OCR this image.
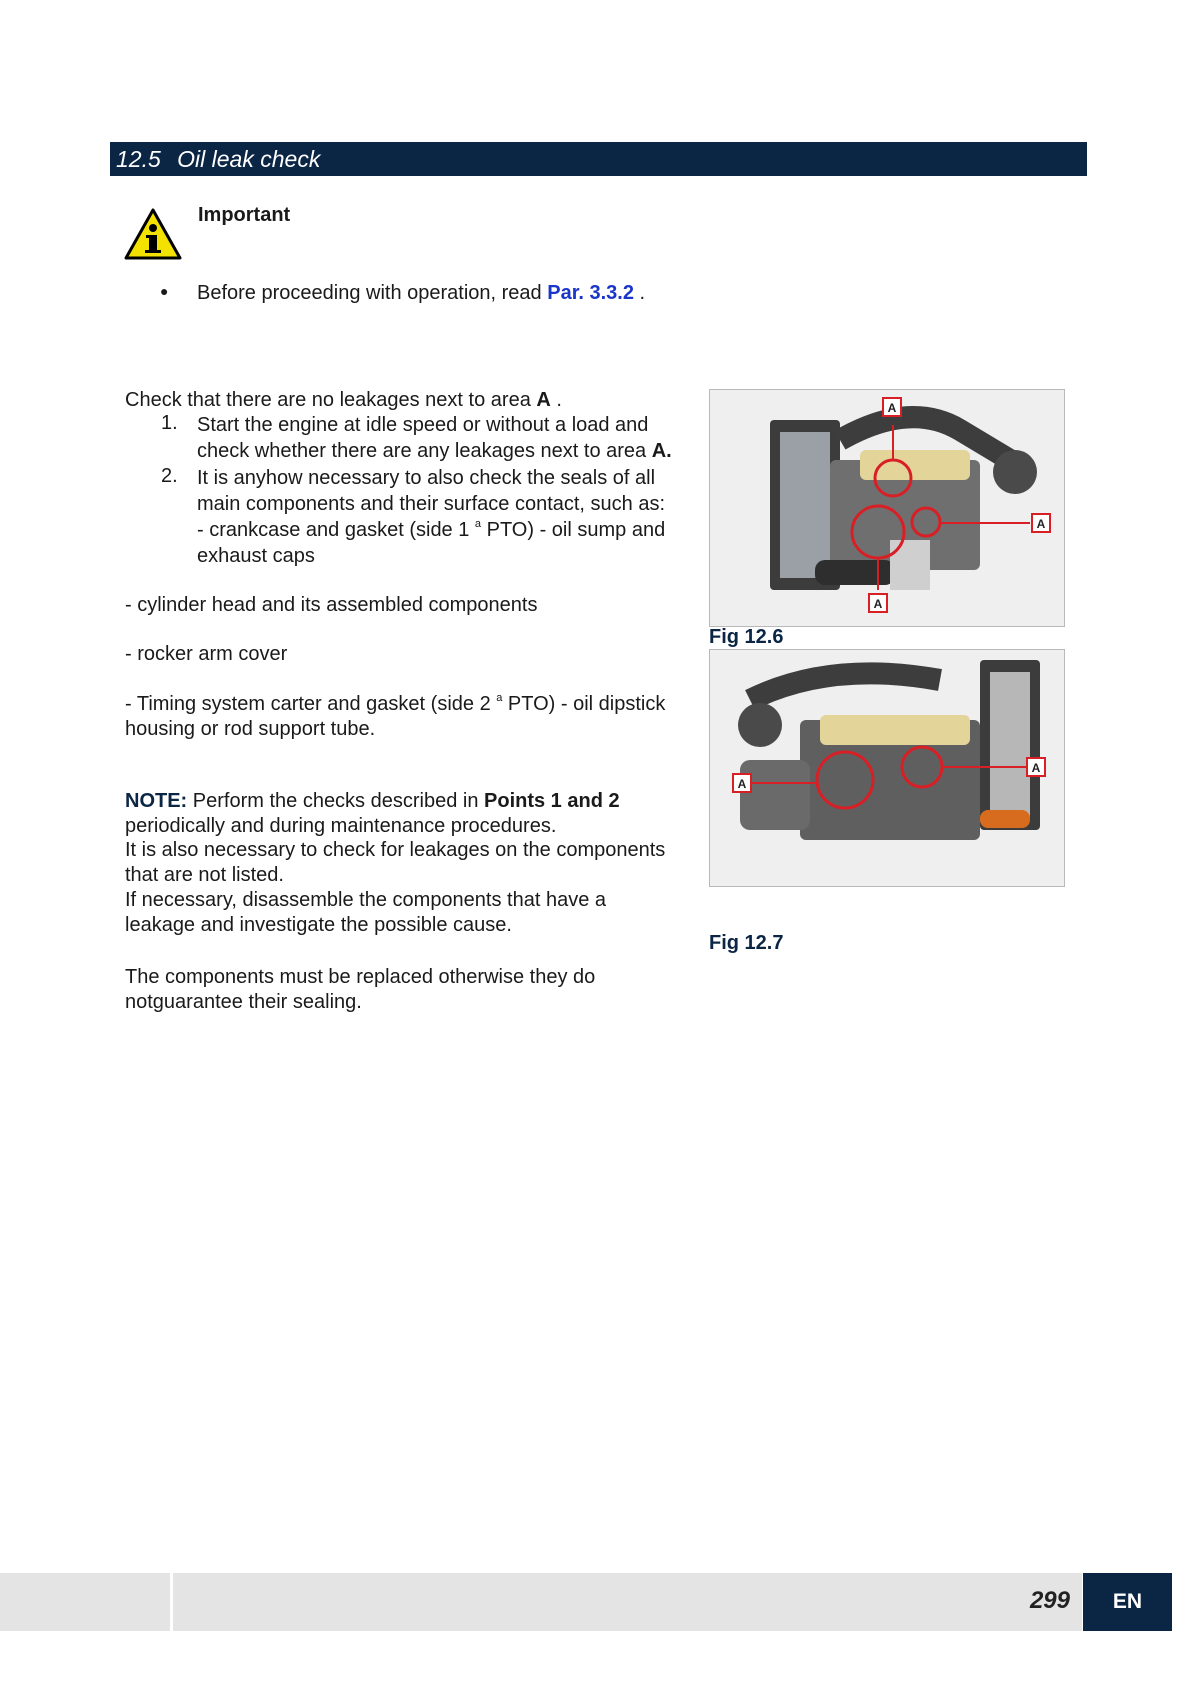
12.5 Oil leak check
Important
● Before proceeding with operation, read Par. 3.3.2 .
Check that there are no leakages next to area A .
1. Start the engine at idle speed or without a load and check whether there are any leakages next to area A.
2. It is anyhow necessary to also check the seals of all main components and their surface contact, such as:
- crankcase and gasket (side 1 $^a$ PTO) - oil sump and exhaust caps
- cylinder head and its assembled components
- rocker arm cover
- Timing system carter and gasket (side 2 $^a$ PTO) - oil dipstick housing or rod support tube.
NOTE: Perform the checks described in Points 1 and 2 periodically and during maintenance procedures.
It is also necessary to check for leakages on the components that are not listed.
If necessary, disassemble the components that have a leakage and investigate the possible cause.
The components must be replaced otherwise they do notguarantee their sealing.
A
A
A
Fig 12.6
A
A
Fig 12.7
299	EN
